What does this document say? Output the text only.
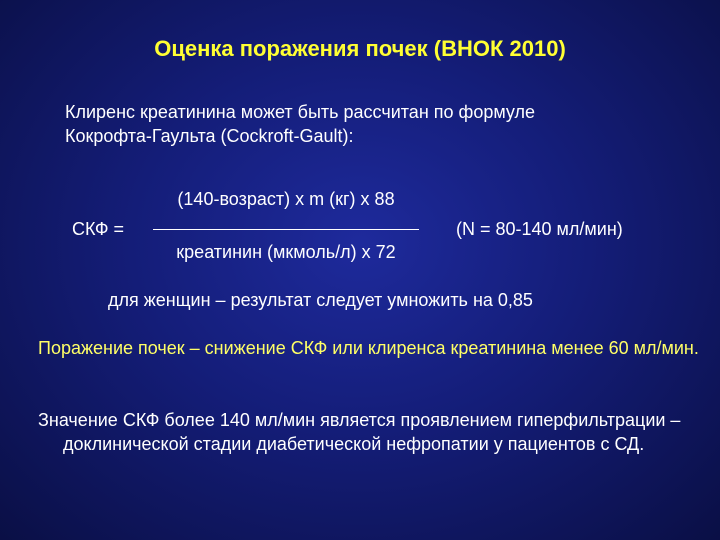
Оценка поражения почек (ВНОК 2010)
Клиренс креатинина может быть рассчитан по формуле
Кокрофта-Гаульта (Cockroft-Gault):
СКФ =
(140-возраст) x m (кг) x 88
креатинин (мкмоль/л) x 72
(N = 80-140 мл/мин)
для женщин – результат следует умножить на 0,85
Поражение почек – снижение СКФ или клиренса креатинина менее 60 мл/мин.
Значение СКФ более 140 мл/мин является проявлением гиперфильтрации – доклинической стадии диабетической нефропатии у пациентов с СД.
